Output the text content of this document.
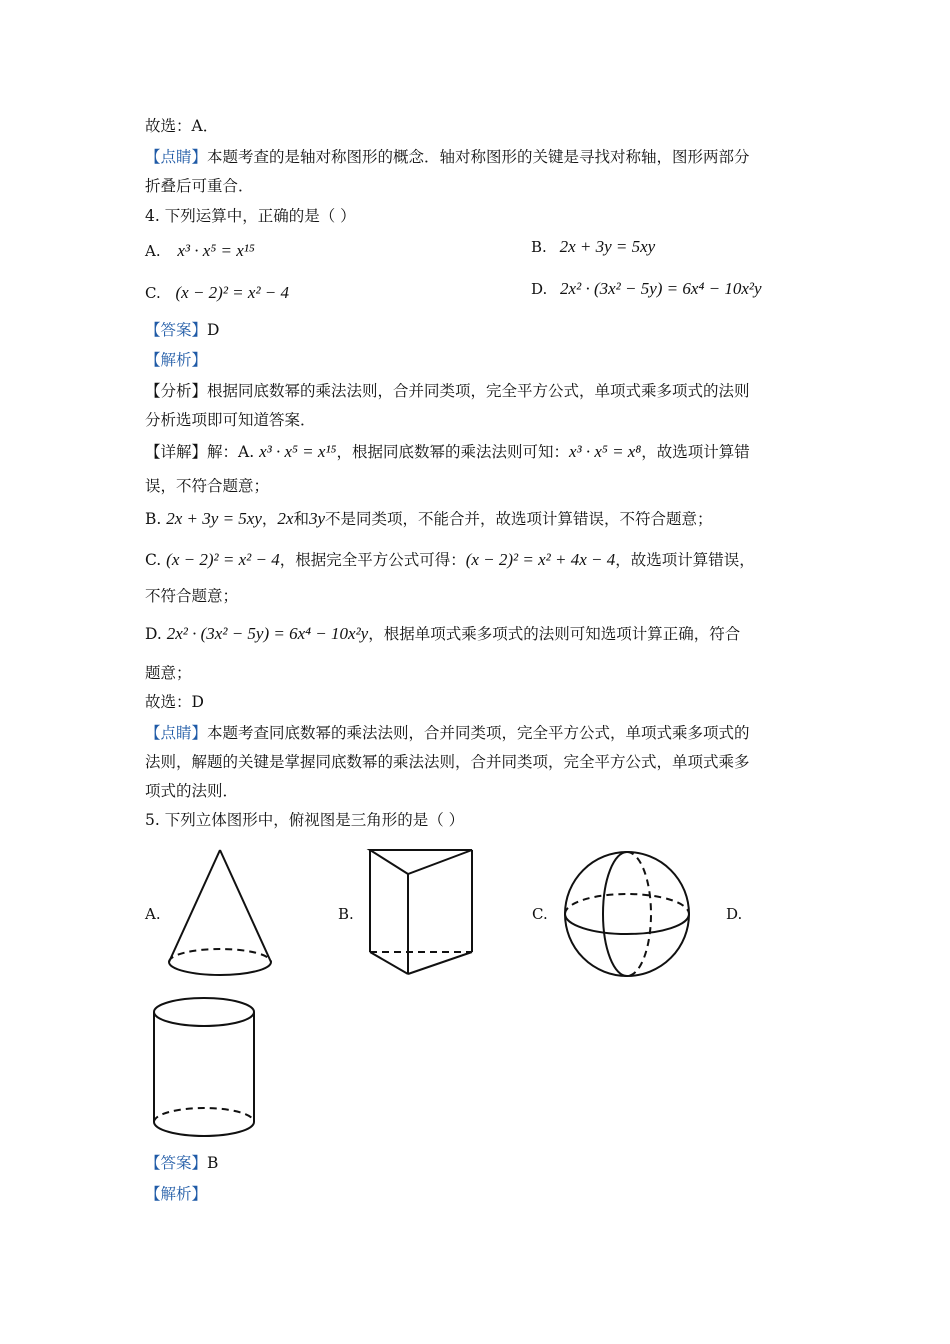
故选：A．
【点睛】本题考查的是轴对称图形的概念．轴对称图形的关键是寻找对称轴，图形两部分
折叠后可重合．
4. 下列运算中，正确的是（ ）
A. x³ · x⁵ = x¹⁵	B. 2x + 3y = 5xy
C. (x − 2)² = x² − 4	D. 2x² · (3x² − 5y) = 6x⁴ − 10x²y
【答案】D
【解析】
【分析】根据同底数幂的乘法法则，合并同类项，完全平方公式，单项式乘多项式的法则
分析选项即可知道答案．
【详解】解：A. x³ · x⁵ = x¹⁵，根据同底数幂的乘法法则可知：x³ · x⁵ = x⁸，故选项计算错
误，不符合题意；
B. 2x + 3y = 5xy，2x和3y不是同类项，不能合并，故选项计算错误，不符合题意；
C. (x − 2)² = x² − 4，根据完全平方公式可得：(x − 2)² = x² + 4x − 4，故选项计算错误，
不符合题意；
D. 2x² · (3x² − 5y) = 6x⁴ − 10x²y，根据单项式乘多项式的法则可知选项计算正确，符合
题意；
故选：D
【点睛】本题考查同底数幂的乘法法则，合并同类项，完全平方公式，单项式乘多项式的
法则，解题的关键是掌握同底数幂的乘法法则，合并同类项，完全平方公式，单项式乘多
项式的法则．
5. 下列立体图形中，俯视图是三角形的是（ ）
A.	B.	C.	D.
【答案】B
【解析】
